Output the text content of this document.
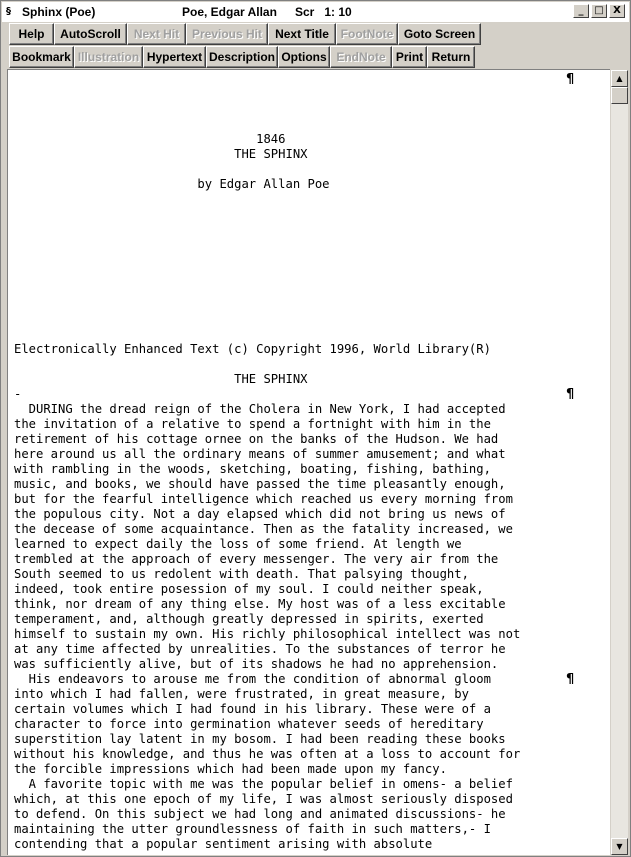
§ Sphinx (Poe)	Poe, Edgar Allan Scr   1: 10	_	□ X
Help	AutoScroll	Next Hit	Previous Hit	Next Title FootNote Goto Screen
Bookmark Illustration Hypertext Description Options EndNote Print Return
¶
¶
¶
1846
THE SPHINX

by Edgar Allan Poe

Electronically Enhanced Text (c) Copyright 1996, World Library(R)

THE SPHINX
-
DURING the dread reign of the Cholera in New York, I had accepted
the invitation of a relative to spend a fortnight with him in the
retirement of his cottage ornee on the banks of the Hudson. We had
here around us all the ordinary means of summer amusement; and what
with rambling in the woods, sketching, boating, fishing, bathing,
music, and books, we should have passed the time pleasantly enough,
but for the fearful intelligence which reached us every morning from
the populous city. Not a day elapsed which did not bring us news of
the decease of some acquaintance. Then as the fatality increased, we
learned to expect daily the loss of some friend. At length we
trembled at the approach of every messenger. The very air from the
South seemed to us redolent with death. That palsying thought,
indeed, took entire posession of my soul. I could neither speak,
think, nor dream of any thing else. My host was of a less excitable
temperament, and, although greatly depressed in spirits, exerted
himself to sustain my own. His richly philosophical intellect was not
at any time affected by unrealities. To the substances of terror he
was sufficiently alive, but of its shadows he had no apprehension.
His endeavors to arouse me from the condition of abnormal gloom
into which I had fallen, were frustrated, in great measure, by
certain volumes which I had found in his library. These were of a
character to force into germination whatever seeds of hereditary
superstition lay latent in my bosom. I had been reading these books
without his knowledge, and thus he was often at a loss to account for
the forcible impressions which had been made upon my fancy.
A favorite topic with me was the popular belief in omens- a belief
which, at this one epoch of my life, I was almost seriously disposed
to defend. On this subject we had long and animated discussions- he
maintaining the utter groundlessness of faith in such matters,- I
contending that a popular sentiment arising with absolute
▲
▼
